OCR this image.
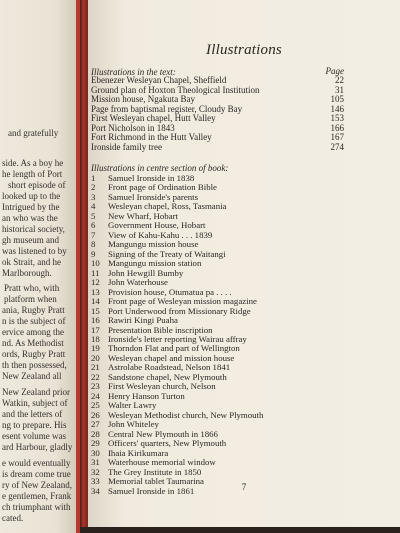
and gratefully
side. As a boy he
he length of Port
short episode of
looked up to the
Intrigued by the
an who was the
historical society,
gh museum and
was listened to by
ok Strait, and he
Marlborough.
Pratt who, with
platform when
ania, Rugby Pratt
n is the subject of
ervice among the
nd. As Methodist
ords, Rugby Pratt
th then possessed,
New Zealand all
New Zealand prior
Watkin, subject of
and the letters of
ng to prepare. His
esent volume was
ard Harbour, gladly
e would eventually
is dream come true
ry of New Zealand,
e gentlemen, Frank
ch triumphant with
cated.
Illustrations
Illustrations in the text:	Page
Ebenezer Wesleyan Chapel, Sheffield	22
Ground plan of Hoxton Theological Institution	31
Mission house, Ngakuta Bay	105
Page from baptismal register, Cloudy Bay	146
First Wesleyan chapel, Hutt Valley	153
Port Nicholson in 1843	166
Fort Richmond in the Hutt Valley	167
Ironside family tree	274
Illustrations in centre section of book:
1 Samuel Ironside in 1838
2 Front page of Ordination Bible
3 Samuel Ironside's parents
4 Wesleyan chapel, Ross, Tasmania
5 New Wharf, Hobart
6 Government House, Hobart
7 View of Kahu-Kahu . . . 1839
8 Mangungu mission house
9 Signing of the Treaty of Waitangi
10 Mangungu mission station
11 John Hewgill Bumby
12 John Waterhouse
13 Provision house, Otumatua pa . . . .
14 Front page of Wesleyan mission magazine
15 Port Underwood from Missionary Ridge
16 Rawiri Kingi Puaha
17 Presentation Bible inscription
18 Ironside's letter reporting Wairau affray
19 Thorndon Flat and part of Wellington
20 Wesleyan chapel and mission house
21 Astrolabe Roadstead, Nelson 1841
22 Sandstone chapel, New Plymouth
23 First Wesleyan church, Nelson
24 Henry Hanson Turton
25 Walter Lawry
26 Wesleyan Methodist church, New Plymouth
27 John Whiteley
28 Central New Plymouth in 1866
29 Officers' quarters, New Plymouth
30 Ihaia Kirikumara
31 Waterhouse memorial window
32 The Grey Institute in 1850
33 Memorial tablet Taumarina
34 Samuel Ironside in 1861	7
